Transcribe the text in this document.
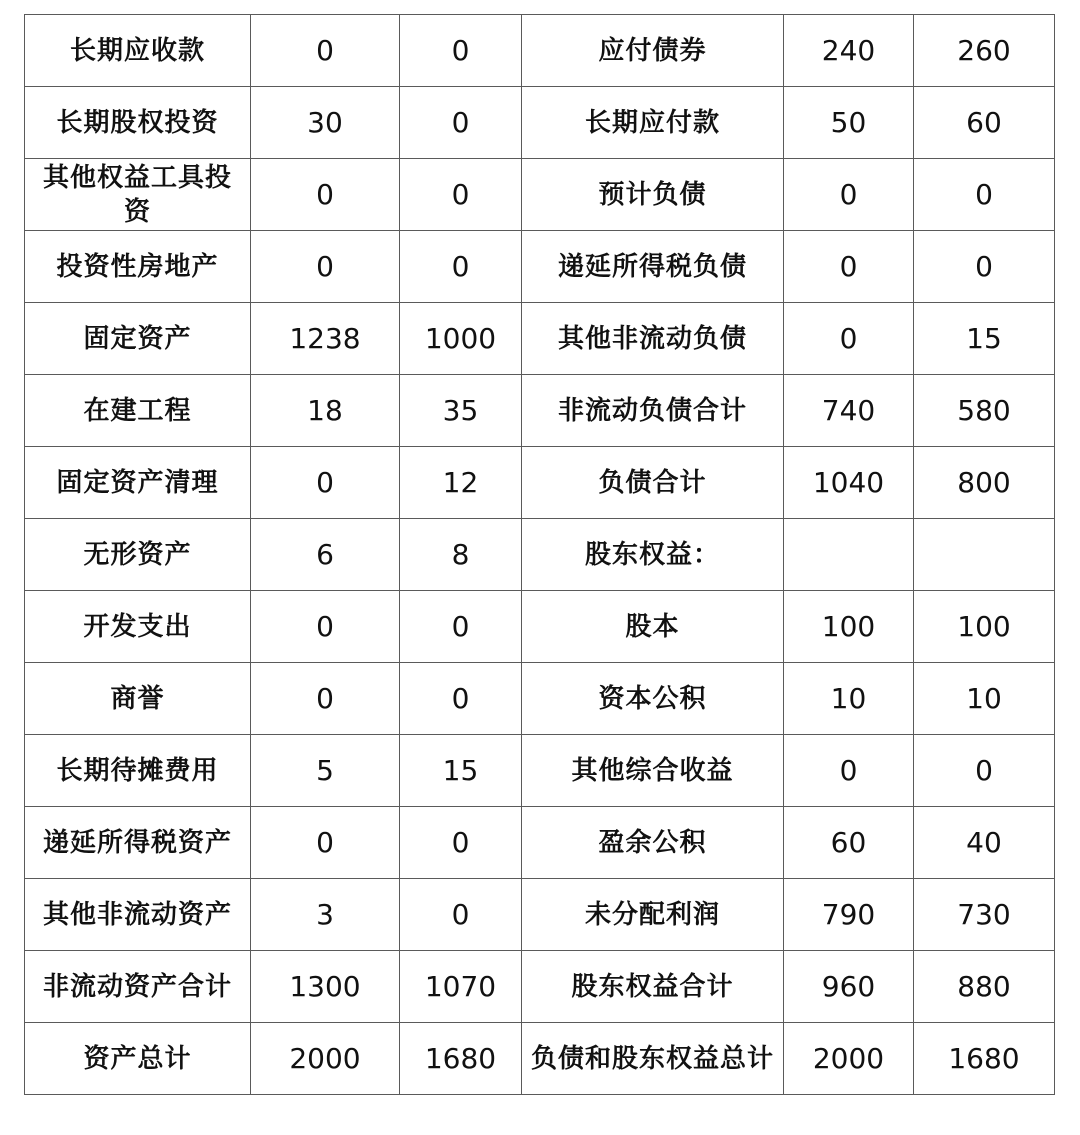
长期应收款	0	0	应付债券	240	260
长期股权投资	30	0	长期应付款	50	60
其他权益工具投资	0	0	预计负债	0	0
投资性房地产	0	0	递延所得税负债	0	0
固定资产	1238	1000	其他非流动负债	0	15
在建工程	18	35	非流动负债合计	740	580
固定资产清理	0	12	负债合计	1040	800
无形资产	6	8	股东权益：		
开发支出	0	0	股本	100	100
商誉	0	0	资本公积	10	10
长期待摊费用	5	15	其他综合收益	0	0
递延所得税资产	0	0	盈余公积	60	40
其他非流动资产	3	0	未分配利润	790	730
非流动资产合计	1300	1070	股东权益合计	960	880
资产总计	2000	1680	负债和股东权益总计	2000	1680
